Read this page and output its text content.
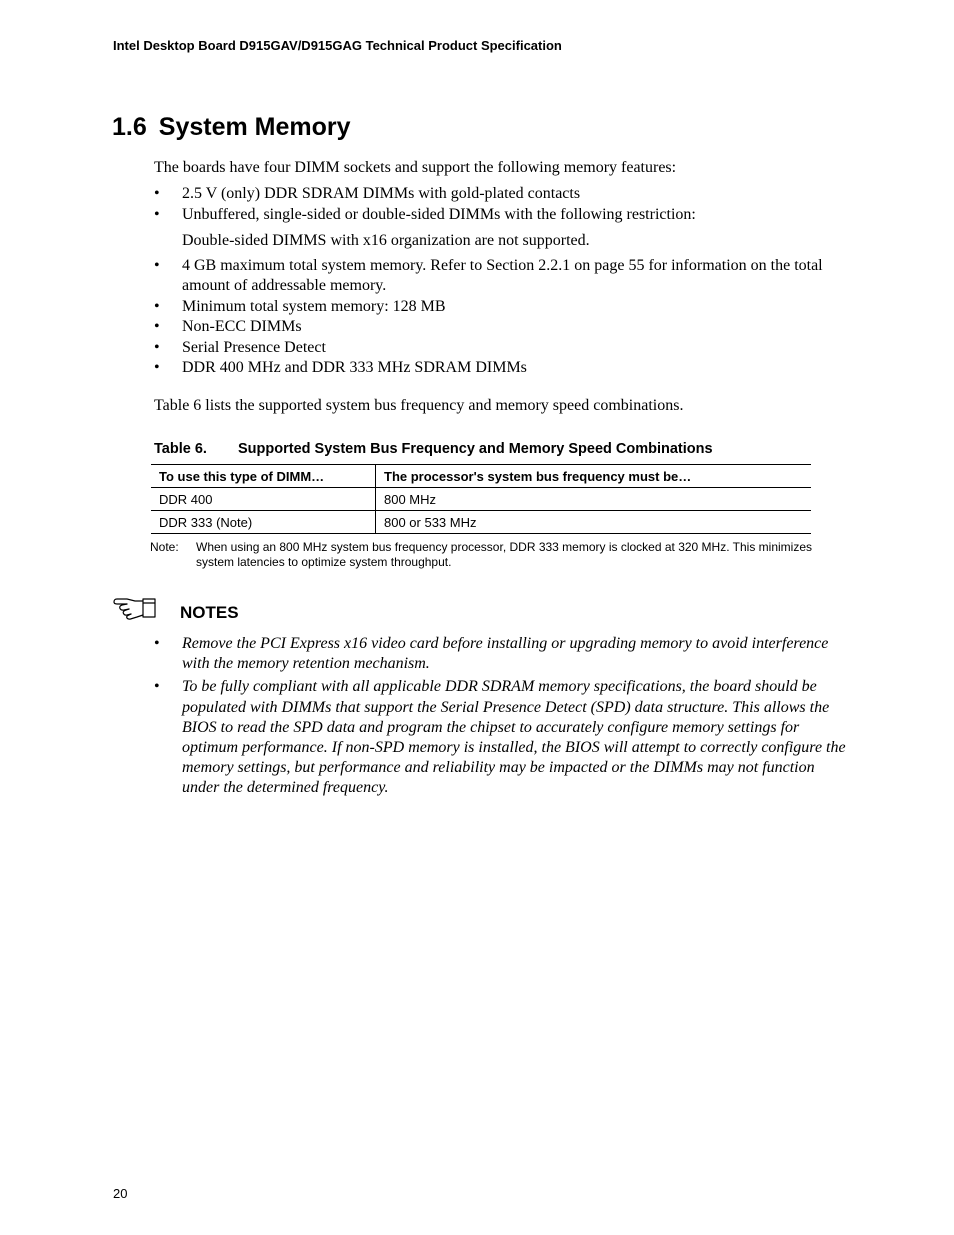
Intel Desktop Board D915GAV/D915GAG Technical Product Specification
1.6 System Memory

The boards have four DIMM sockets and support the following memory features:

• 2.5 V (only) DDR SDRAM DIMMs with gold-plated contacts
• Unbuffered, single-sided or double-sided DIMMs with the following restriction:
Double-sided DIMMS with x16 organization are not supported.
• 4 GB maximum total system memory. Refer to Section 2.2.1 on page 55 for information on the total amount of addressable memory.
• Minimum total system memory: 128 MB
• Non-ECC DIMMs
• Serial Presence Detect
• DDR 400 MHz and DDR 333 MHz SDRAM DIMMs

Table 6 lists the supported system bus frequency and memory speed combinations.

Table 6. Supported System Bus Frequency and Memory Speed Combinations
To use this type of DIMM…	The processor's system bus frequency must be…
DDR 400	800 MHz
DDR 333 (Note)	800 or 533 MHz
Note: When using an 800 MHz system bus frequency processor, DDR 333 memory is clocked at 320 MHz. This minimizes system latencies to optimize system throughput.
NOTES
• Remove the PCI Express x16 video card before installing or upgrading memory to avoid interference with the memory retention mechanism.
• To be fully compliant with all applicable DDR SDRAM memory specifications, the board should be populated with DIMMs that support the Serial Presence Detect (SPD) data structure. This allows the BIOS to read the SPD data and program the chipset to accurately configure memory settings for optimum performance. If non-SPD memory is installed, the BIOS will attempt to correctly configure the memory settings, but performance and reliability may be impacted or the DIMMs may not function under the determined frequency.
20
